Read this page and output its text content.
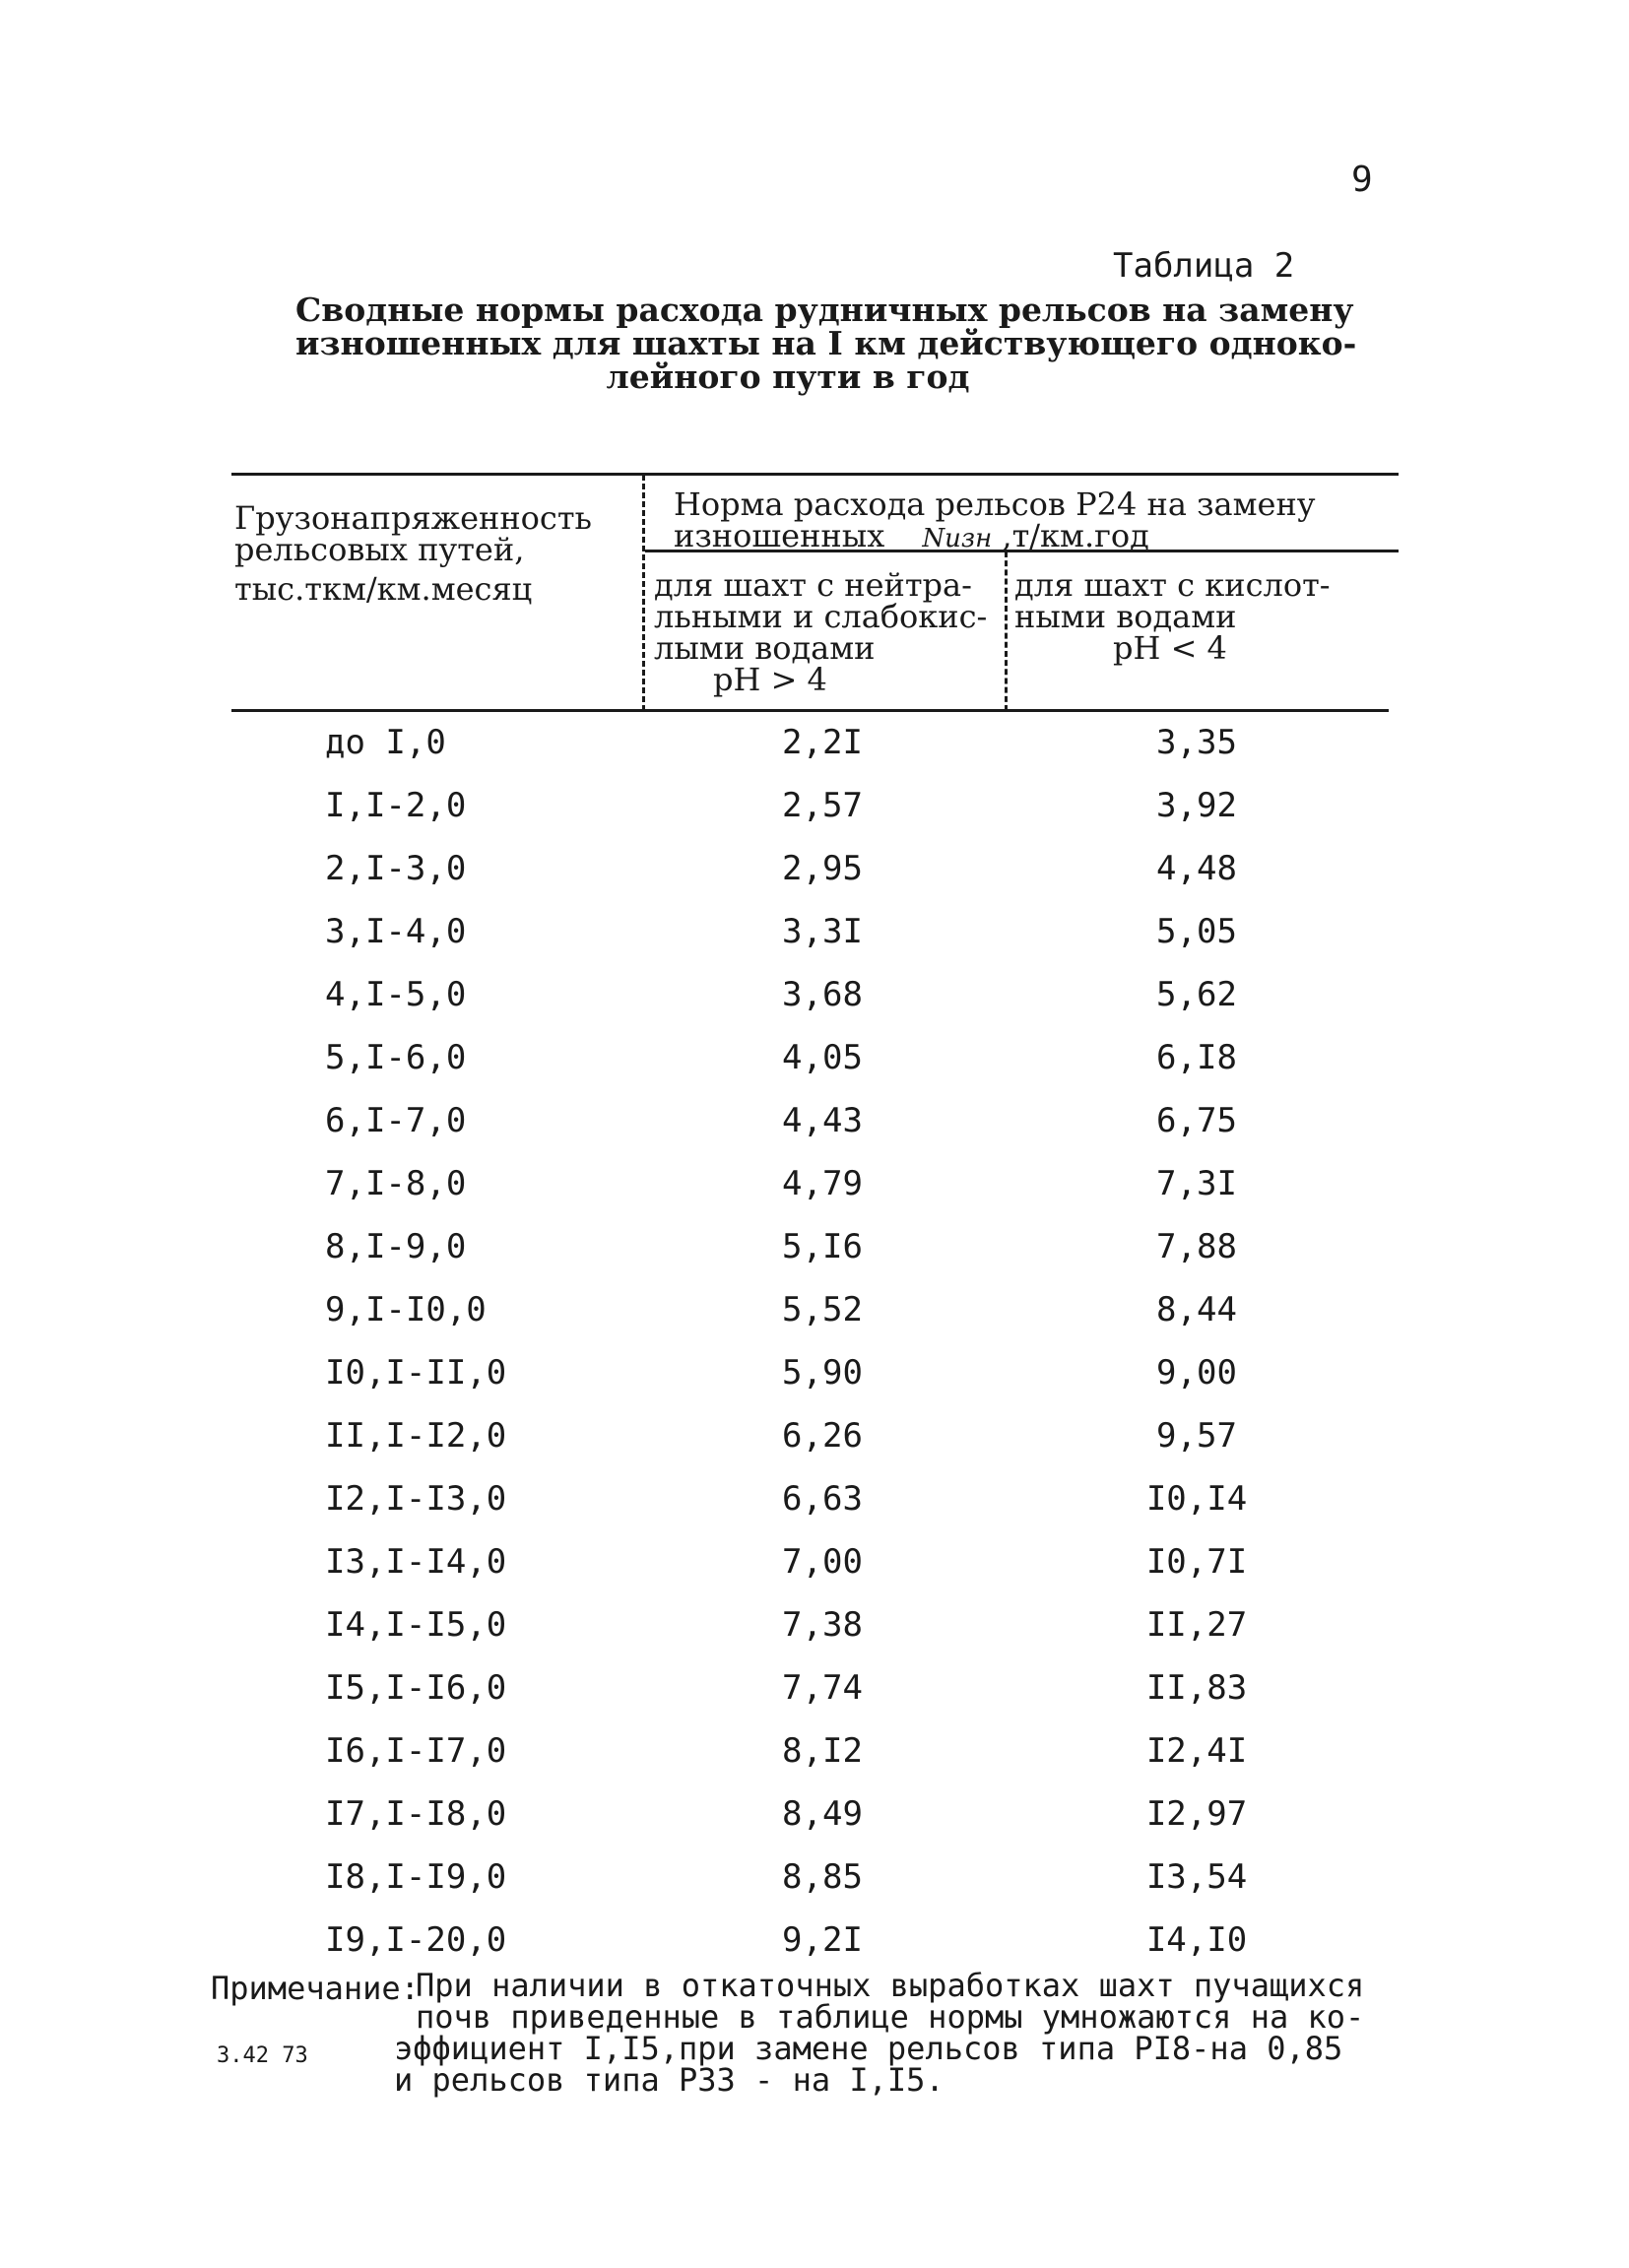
9
Таблица 2
Сводные нормы расхода рудничных рельсов на замену
изношенных для шахты на I км действующего одноко-
лейного пути в год
Грузонапряженность
рельсовых путей,
тыс.ткм/км.месяц
Норма расхода рельсов Р24 на замену
изношенных Nизн ,т/км.год
для шахт с нейтра-
льными и слабокис-
лыми водами
pH > 4
для шахт с кислот-
ными водами
pH < 4
до I,0	2,2I	3,35
I,I-2,0	2,57	3,92
2,I-3,0	2,95	4,48
3,I-4,0	3,3I	5,05
4,I-5,0	3,68	5,62
5,I-6,0	4,05	6,I8
6,I-7,0	4,43	6,75
7,I-8,0	4,79	7,3I
8,I-9,0	5,I6	7,88
9,I-I0,0	5,52	8,44
I0,I-II,0	5,90	9,00
II,I-I2,0	6,26	9,57
I2,I-I3,0	6,63	I0,I4
I3,I-I4,0	7,00	I0,7I
I4,I-I5,0	7,38	II,27
I5,I-I6,0	7,74	II,83
I6,I-I7,0	8,I2	I2,4I
I7,I-I8,0	8,49	I2,97
I8,I-I9,0	8,85	I3,54
I9,I-20,0	9,2I	I4,I0
Примечание:
При наличии в откаточных выработках шахт пучащихся
почв приведенные в таблице нормы умножаются на ко-
эффициент I,I5,при замене рельсов типа РI8-на 0,85
и рельсов типа Р33 - на I,I5.
3.42 73
